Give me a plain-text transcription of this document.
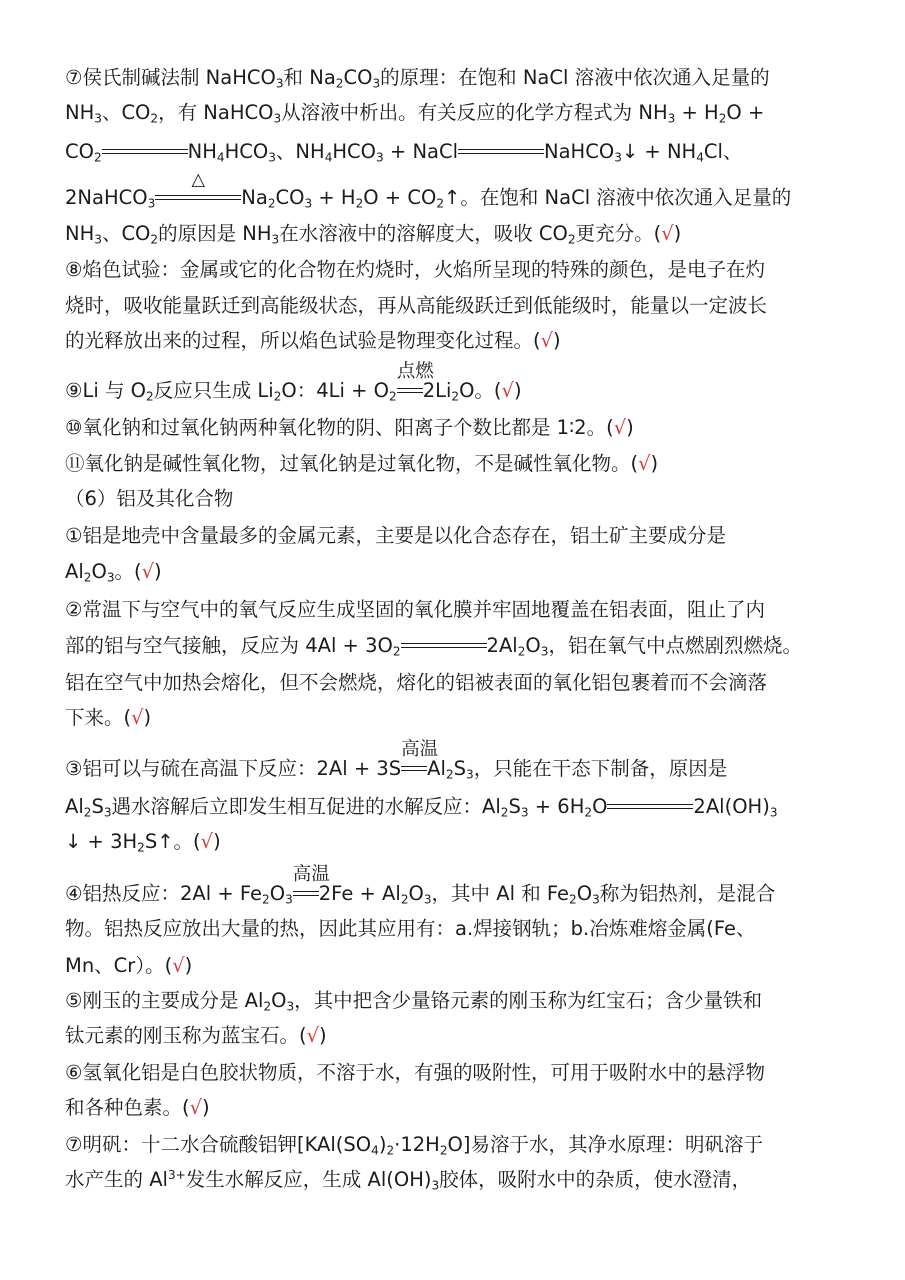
⑦侯氏制碱法制 NaHCO$_3$和 $Na_2CO_3$的原理：在饱和 NaCl 溶液中依次通入足量的
$NH_3$、$CO_2$，有 NaHCO$_3$从溶液中析出。有关反应的化学方程式为 $NH_3 + H_2O$ +
$CO_2$	$NH_4HCO_3$、$NH_4HCO_3$ + NaCl	NaHCO$_3$↓ + $NH_4Cl$、
2NaHCO$_3$
△
$Na_2CO_3 + H_2O$ + $CO_2↑$。在饱和 NaCl 溶液中依次通入足量的
$NH_3$、$CO_2$的原因是 $NH_3$在水溶液中的溶解度大，吸收 $CO_2$更充分。(√)
⑧焰色试验：金属或它的化合物在灼烧时，火焰所呈现的特殊的颜色，是电子在灼
烧时，吸收能量跃迁到高能级状态，再从高能级跃迁到低能级时，能量以一定波长
的光释放出来的过程，所以焰色试验是物理变化过程。(√)
⑨Li 与 $O_2$反应只生成 $Li_2O$：$4Li + O_2$
点燃
$2Li_2O$。(√)
⑩氧化钠和过氧化钠两种氧化物的阴、阳离子个数比都是 1∶2。(√)
⑪氧化钠是碱性氧化物，过氧化钠是过氧化物，不是碱性氧化物。(√)
（6）铝及其化合物
①铝是地壳中含量最多的金属元素，主要是以化合态存在，铝土矿主要成分是
$Al_2O_3$。(√)
②常温下与空气中的氧气反应生成坚固的氧化膜并牢固地覆盖在铝表面，阻止了内
部的铝与空气接触，反应为 $4Al + 3O_2$	$2Al_2O_3$，铝在氧气中点燃剧烈燃烧。
铝在空气中加热会熔化，但不会燃烧，熔化的铝被表面的氧化铝包裹着而不会滴落
下来。(√)
③铝可以与硫在高温下反应：2Al + 3S
高温
$Al_2S_3$，只能在干态下制备，原因是
$Al_2S_3$遇水溶解后立即发生相互促进的水解反应：$Al_2S_3 + 6H_2O$	$2Al(OH)_3$
↓ + $3H_2S↑$。(√)
④铝热反应：$2Al + Fe_2O_3$
高温
$2Fe + Al_2O_3$，其中 Al 和 $Fe_2O_3$称为铝热剂，是混合
物。铝热反应放出大量的热，因此其应用有：a.焊接钢轨；b.冶炼难熔金属(Fe、
Mn、Cr）。(√)
⑤刚玉的主要成分是 $Al_2O_3$，其中把含少量铬元素的刚玉称为红宝石；含少量铁和
钛元素的刚玉称为蓝宝石。(√)
⑥氢氧化铝是白色胶状物质，不溶于水，有强的吸附性，可用于吸附水中的悬浮物
和各种色素。(√)
⑦明矾：十二水合硫酸铝钾$[KAl(SO_4)_2\cdot 12H_2O]$易溶于水，其净水原理：明矾溶于
水产生的 $Al^{3+}$发生水解反应，生成 $Al(OH)_3$胶体，吸附水中的杂质，使水澄清，
